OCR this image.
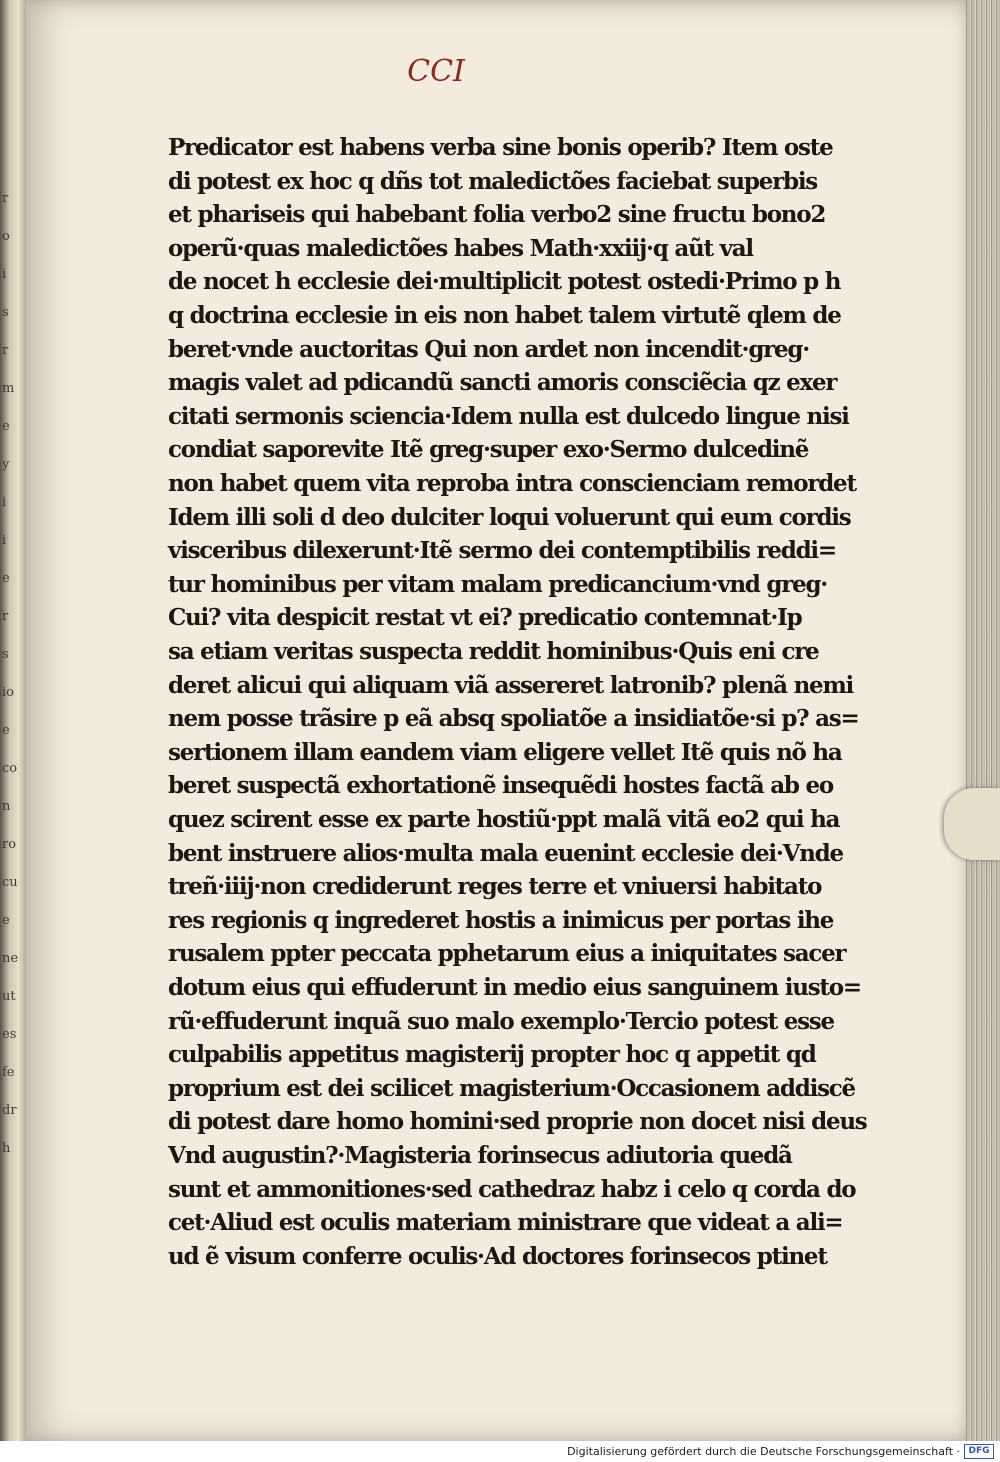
r
o
i
s
r
m
e
y
i
i
e
r
s
io
e
co
n
ro
cu
e
ne
ut
es
fe
dr
h
CCI
Predicator est habens verba sine bonis operib? Item oste
di potest ex hoc q dñs tot maledictões faciebat superbis
et phariseis qui habebant folia verbo2 sine fructu bono2
operũ·quas maledictões habes Math·xxiij·q aũt val
de nocet h ecclesie dei·multiplicit potest ostedi·Primo p h
q doctrina ecclesie in eis non habet talem virtutẽ qlem de
beret·vnde auctoritas Qui non ardet non incendit·greg·
magis valet ad pdicandũ sancti amoris consciẽcia qz exer
citati sermonis sciencia·Idem nulla est dulcedo lingue nisi
condiat saporevite Itẽ greg·super exo·Sermo dulcedinẽ
non habet quem vita reproba intra conscienciam remordet
Idem illi soli d deo dulciter loqui voluerunt qui eum cordis
visceribus dilexerunt·Itẽ sermo dei contemptibilis reddi=
tur hominibus per vitam malam predicancium·vnd greg·
Cui? vita despicit restat vt ei? predicatio contemnat·Ip
sa etiam veritas suspecta reddit hominibus·Quis eni cre
deret alicui qui aliquam viã assereret latronib? plenã nemi
nem posse trãsire p eã absq spoliatõe a insidiatõe·si p? as=
sertionem illam eandem viam eligere vellet Itẽ quis nõ ha
beret suspectã exhortationẽ insequẽdi hostes factã ab eo
quez scirent esse ex parte hostiũ·ppt malã vitã eo2 qui ha
bent instruere alios·multa mala euenint ecclesie dei·Vnde
treñ·iiij·non crediderunt reges terre et vniuersi habitato
res regionis q ingrederet hostis a inimicus per portas ihe
rusalem ppter peccata pphetarum eius a iniquitates sacer
dotum eius qui effuderunt in medio eius sanguinem iusto=
rũ·effuderunt inquã suo malo exemplo·Tercio potest esse
culpabilis appetitus magisterij propter hoc q appetit qd
proprium est dei scilicet magisterium·Occasionem addiscẽ
di potest dare homo homini·sed proprie non docet nisi deus
Vnd augustin?·Magisteria forinsecus adiutoria quedã
sunt et ammonitiones·sed cathedraz habz i celo q corda do
cet·Aliud est oculis materiam ministrare que videat a ali=
ud ẽ visum conferre oculis·Ad doctores forinsecos ptinet
Digitalisierung gefördert durch die Deutsche Forschungsgemeinschaft · DFG
